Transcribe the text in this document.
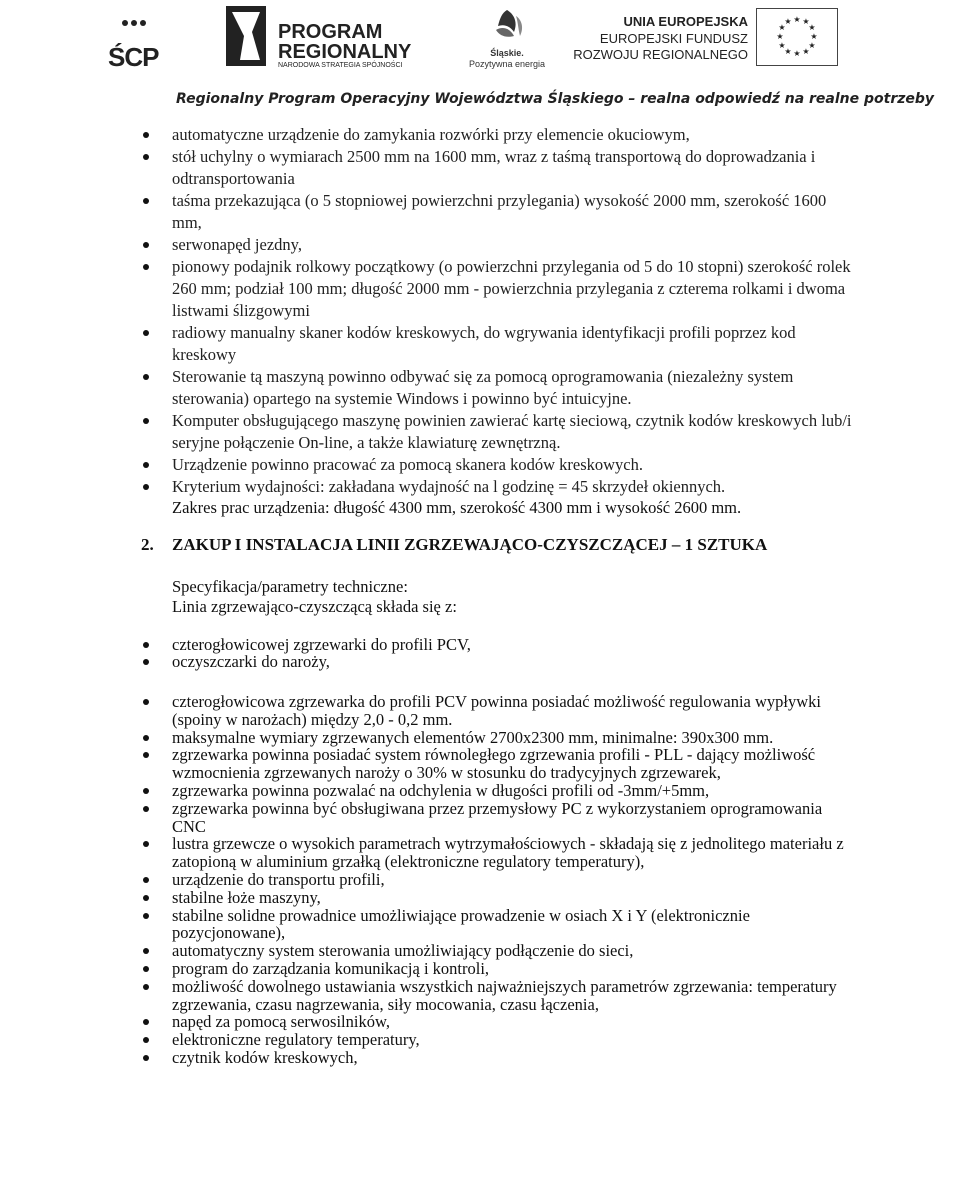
ŚCP
PROGRAM
REGIONALNY
NARODOWA STRATEGIA SPÓJNOŚCI
Śląskie.
Pozytywna energia
UNIA EUROPEJSKA
EUROPEJSKI FUNDUSZ
ROZWOJU REGIONALNEGO
★ ★
★
★
★
★
★
★
★
★
★
★
Regionalny Program Operacyjny Województwa Śląskiego – realna odpowiedź na realne potrzeby
automatyczne urządzenie do zamykania rozwórki przy elemencie okuciowym,
stół uchylny o wymiarach 2500 mm na 1600 mm, wraz z taśmą transportową do doprowadzania i odtransportowania
taśma przekazująca (o 5 stopniowej powierzchni przylegania) wysokość 2000 mm, szerokość 1600 mm,
serwonapęd jezdny,
pionowy podajnik rolkowy początkowy (o powierzchni przylegania od 5 do 10 stopni) szerokość rolek 260 mm; podział 100 mm; długość 2000 mm - powierzchnia przylegania z czterema rolkami i dwoma listwami ślizgowymi
radiowy manualny skaner kodów kreskowych, do wgrywania identyfikacji profili poprzez kod kreskowy
Sterowanie tą maszyną powinno odbywać się za pomocą oprogramowania (niezależny system sterowania) opartego na systemie Windows i powinno być intuicyjne.
Komputer obsługującego maszynę powinien zawierać kartę sieciową, czytnik kodów kreskowych lub/i seryjne połączenie On-line, a także klawiaturę zewnętrzną.
Urządzenie powinno pracować za pomocą skanera kodów kreskowych.
Kryterium wydajności: zakładana wydajność na l godzinę = 45 skrzydeł okiennych.
Zakres prac urządzenia: długość 4300 mm, szerokość 4300 mm i wysokość 2600 mm.
2. ZAKUP I INSTALACJA LINII ZGRZEWAJĄCO-CZYSZCZĄCEJ – 1 SZTUKA
Specyfikacja/parametry techniczne:
Linia zgrzewająco-czyszczącą składa się z:
czterogłowicowej zgrzewarki do profili PCV,
oczyszczarki do naroży,
czterogłowicowa zgrzewarka do profili PCV powinna posiadać możliwość regulowania wypływki (spoiny w narożach) między 2,0 - 0,2 mm.
maksymalne wymiary zgrzewanych elementów 2700x2300 mm, minimalne: 390x300 mm.
zgrzewarka powinna posiadać system równoległego zgrzewania profili - PLL - dający możliwość wzmocnienia zgrzewanych naroży o 30% w stosunku do tradycyjnych zgrzewarek,
zgrzewarka powinna pozwalać na odchylenia w długości profili od -3mm/+5mm,
zgrzewarka powinna być obsługiwana przez przemysłowy PC z wykorzystaniem oprogramowania CNC
lustra grzewcze o wysokich parametrach wytrzymałościowych - składają się z jednolitego materiału z zatopioną w aluminium grzałką (elektroniczne regulatory temperatury),
urządzenie do transportu profili,
stabilne łoże maszyny,
stabilne solidne prowadnice umożliwiające prowadzenie w osiach X i Y (elektronicznie pozycjonowane),
automatyczny system sterowania umożliwiający podłączenie do sieci,
program do zarządzania komunikacją i kontroli,
możliwość dowolnego ustawiania wszystkich najważniejszych parametrów zgrzewania: temperatury zgrzewania, czasu nagrzewania, siły mocowania, czasu łączenia,
napęd za pomocą serwosilników,
elektroniczne regulatory temperatury,
czytnik kodów kreskowych,
